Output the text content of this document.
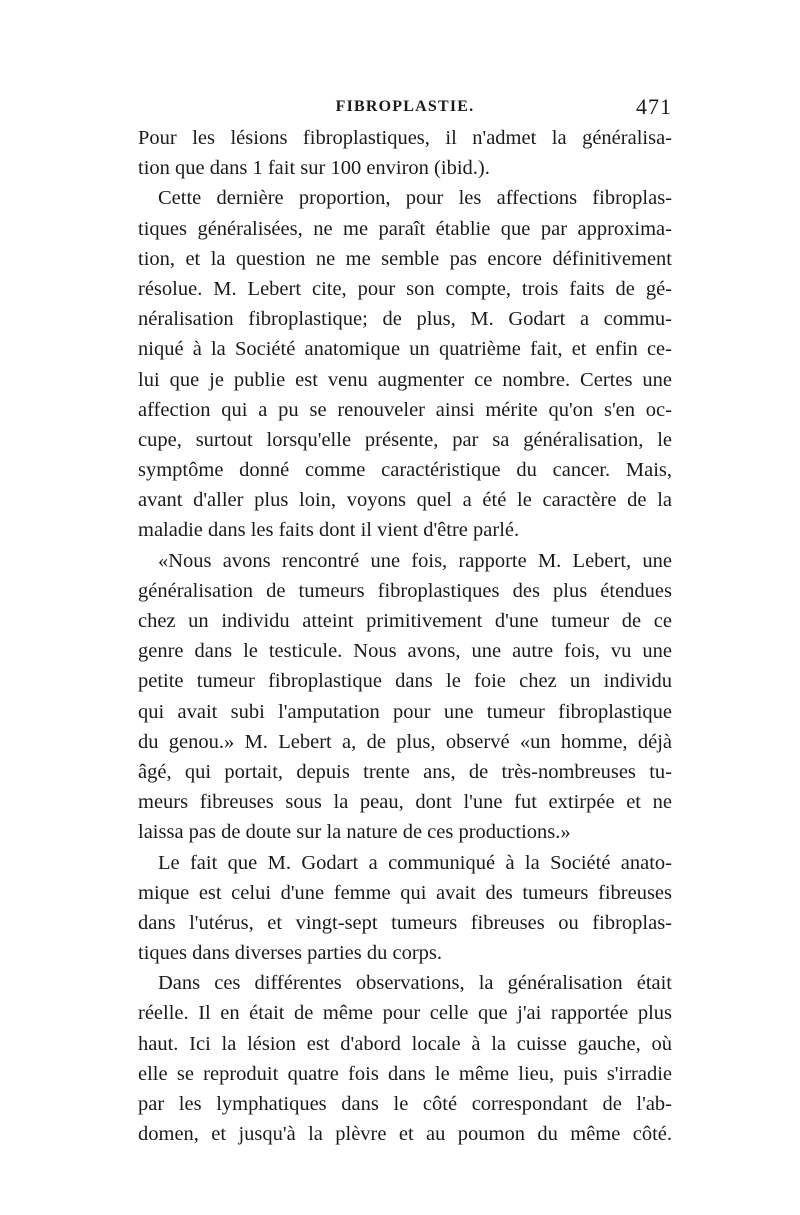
FIBROPLASTIE.	471
Pour les lésions fibroplastiques, il n'admet la généralisa-
tion que dans 1 fait sur 100 environ (ibid.).
Cette dernière proportion, pour les affections fibroplas-
tiques généralisées, ne me paraît établie que par approxima-
tion, et la question ne me semble pas encore définitivement
résolue. M. Lebert cite, pour son compte, trois faits de gé-
néralisation fibroplastique; de plus, M. Godart a commu-
niqué à la Société anatomique un quatrième fait, et enfin ce-
lui que je publie est venu augmenter ce nombre. Certes une
affection qui a pu se renouveler ainsi mérite qu'on s'en oc-
cupe, surtout lorsqu'elle présente, par sa généralisation, le
symptôme donné comme caractéristique du cancer. Mais,
avant d'aller plus loin, voyons quel a été le caractère de la
maladie dans les faits dont il vient d'être parlé.
«Nous avons rencontré une fois, rapporte M. Lebert, une
généralisation de tumeurs fibroplastiques des plus étendues
chez un individu atteint primitivement d'une tumeur de ce
genre dans le testicule. Nous avons, une autre fois, vu une
petite tumeur fibroplastique dans le foie chez un individu
qui avait subi l'amputation pour une tumeur fibroplastique
du genou.» M. Lebert a, de plus, observé «un homme, déjà
âgé, qui portait, depuis trente ans, de très-nombreuses tu-
meurs fibreuses sous la peau, dont l'une fut extirpée et ne
laissa pas de doute sur la nature de ces productions.»
Le fait que M. Godart a communiqué à la Société anato-
mique est celui d'une femme qui avait des tumeurs fibreuses
dans l'utérus, et vingt-sept tumeurs fibreuses ou fibroplas-
tiques dans diverses parties du corps.
Dans ces différentes observations, la généralisation était
réelle. Il en était de même pour celle que j'ai rapportée plus
haut. Ici la lésion est d'abord locale à la cuisse gauche, où
elle se reproduit quatre fois dans le même lieu, puis s'irradie
par les lymphatiques dans le côté correspondant de l'ab-
domen, et jusqu'à la plèvre et au poumon du même côté.
